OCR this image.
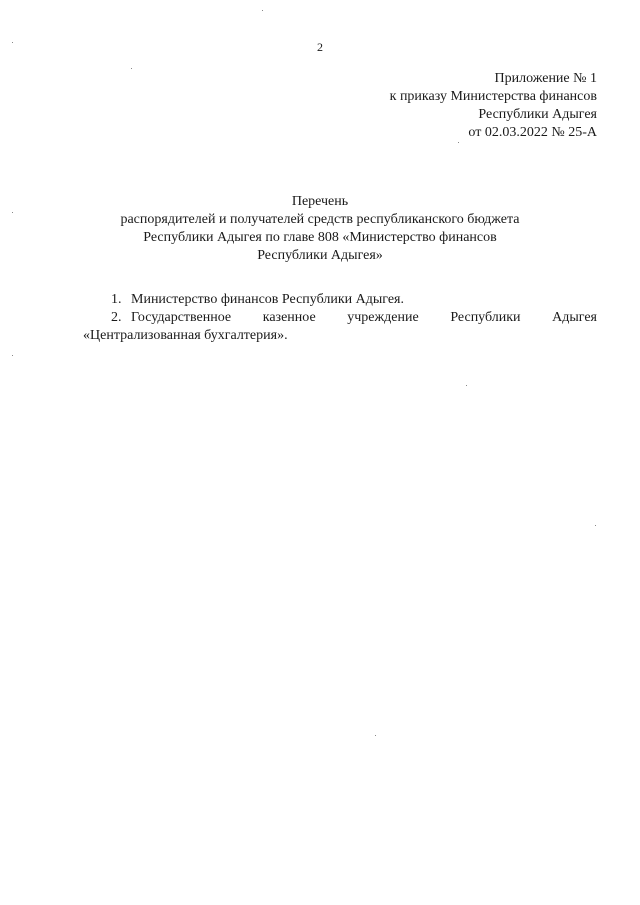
2
Приложение № 1
к приказу Министерства финансов
Республики Адыгея
от 02.03.2022 № 25-А
Перечень
распорядителей и получателей средств республиканского бюджета
Республики Адыгея по главе 808 «Министерство финансов
Республики Адыгея»
1. Министерство финансов Республики Адыгея.
2. Государственное казенное учреждение Республики Адыгея
«Централизованная бухгалтерия».
